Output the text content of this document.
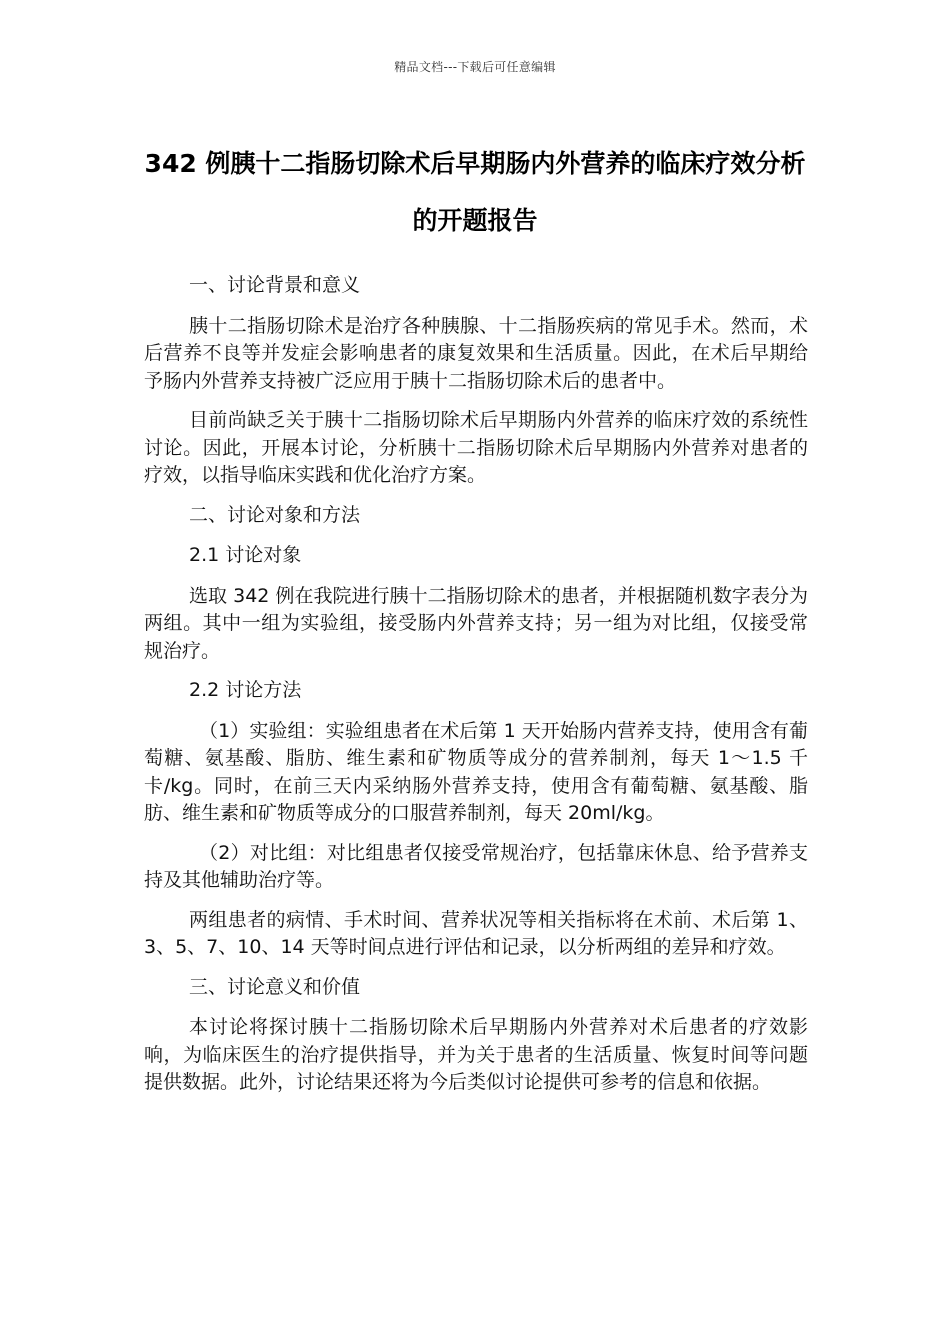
精品文档---下载后可任意编辑
342 例胰十二指肠切除术后早期肠内外营养的临床疗效分析的开题报告

一、讨论背景和意义

胰十二指肠切除术是治疗各种胰腺、十二指肠疾病的常见手术。然而，术后营养不良等并发症会影响患者的康复效果和生活质量。因此，在术后早期给予肠内外营养支持被广泛应用于胰十二指肠切除术后的患者中。

目前尚缺乏关于胰十二指肠切除术后早期肠内外营养的临床疗效的系统性讨论。因此，开展本讨论，分析胰十二指肠切除术后早期肠内外营养对患者的疗效，以指导临床实践和优化治疗方案。

二、讨论对象和方法

2.1 讨论对象

选取 342 例在我院进行胰十二指肠切除术的患者，并根据随机数字表分为两组。其中一组为实验组，接受肠内外营养支持；另一组为对比组，仅接受常规治疗。

2.2 讨论方法

（1）实验组：实验组患者在术后第 1 天开始肠内营养支持，使用含有葡萄糖、氨基酸、脂肪、维生素和矿物质等成分的营养制剂，每天 1～1.5 千卡/kg。同时，在前三天内采纳肠外营养支持，使用含有葡萄糖、氨基酸、脂肪、维生素和矿物质等成分的口服营养制剂，每天 20ml/kg。

（2）对比组：对比组患者仅接受常规治疗，包括靠床休息、给予营养支持及其他辅助治疗等。

两组患者的病情、手术时间、营养状况等相关指标将在术前、术后第 1、3、5、7、10、14 天等时间点进行评估和记录，以分析两组的差异和疗效。

三、讨论意义和价值

本讨论将探讨胰十二指肠切除术后早期肠内外营养对术后患者的疗效影响，为临床医生的治疗提供指导，并为关于患者的生活质量、恢复时间等问题提供数据。此外，讨论结果还将为今后类似讨论提供可参考的信息和依据。
